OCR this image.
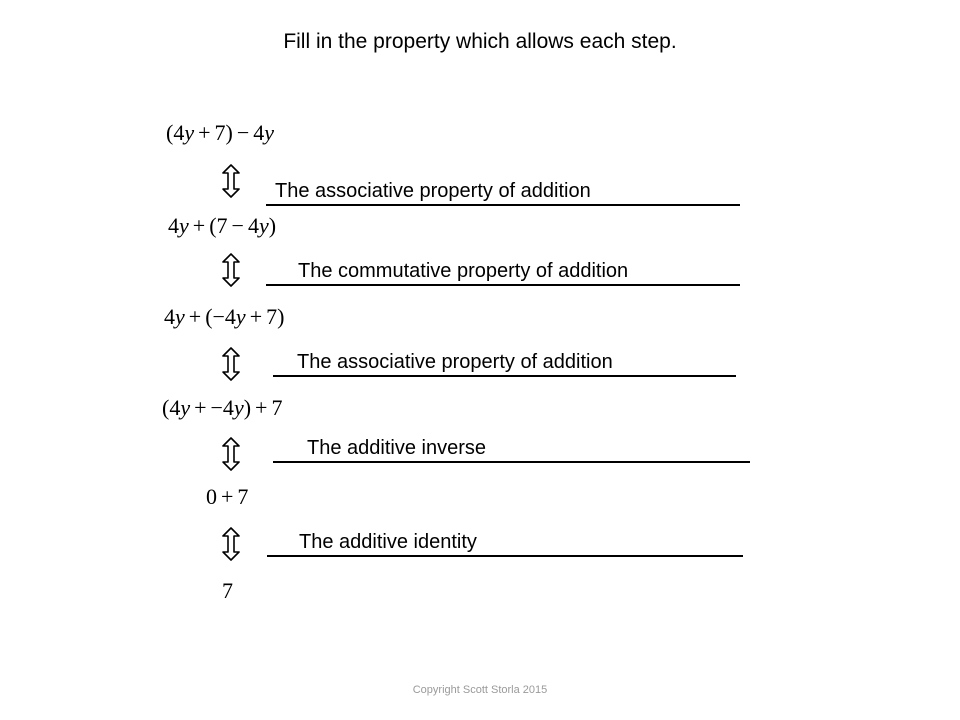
Fill in the property which allows each step.
(4y + 7) − 4y
4y + (7 − 4y)
4y + (−4y + 7)
(4y + −4y) + 7
0 + 7
7
The associative property of addition
The commutative property of addition
The associative property of addition
The additive inverse
The additive identity
Copyright Scott Storla 2015
